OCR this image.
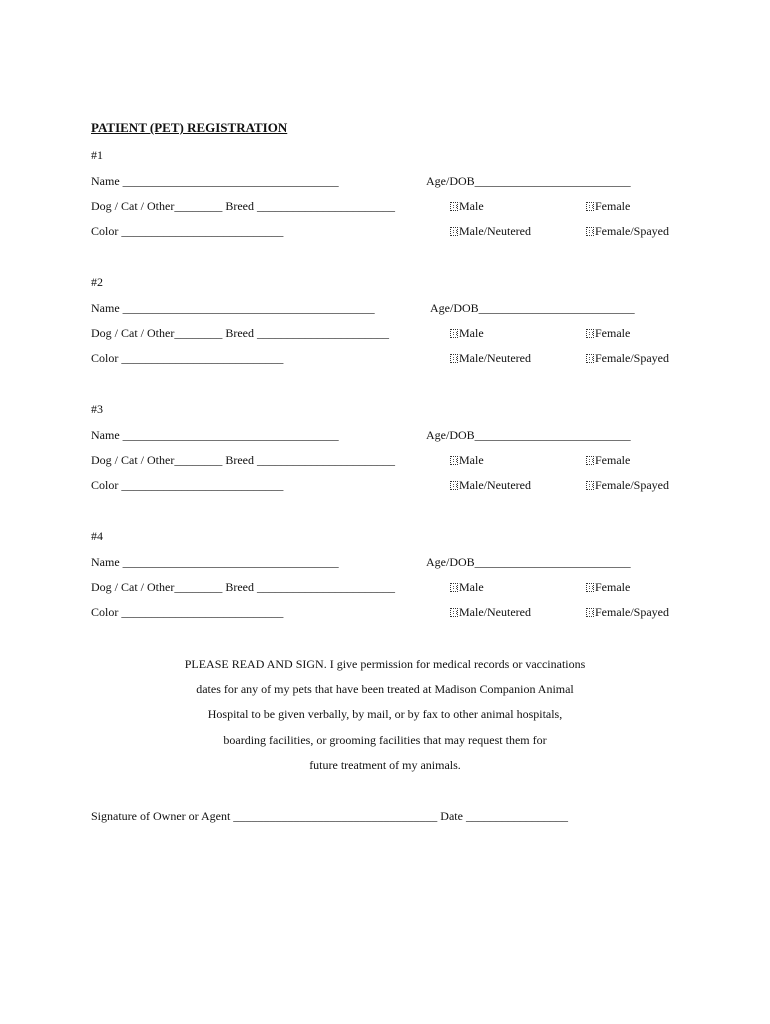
PATIENT (PET) REGISTRATION
#1
Name ____________________________________	Age/DOB__________________________
Dog / Cat / Other________ Breed _______________________	Male	Female
Color ___________________________	Male/Neutered	Female/Spayed
#2
Name __________________________________________	Age/DOB__________________________
Dog / Cat / Other________ Breed ______________________	Male	Female
Color ___________________________	Male/Neutered	Female/Spayed
#3
Name ____________________________________	Age/DOB__________________________
Dog / Cat / Other________ Breed _______________________	Male	Female
Color ___________________________	Male/Neutered	Female/Spayed
#4
Name ____________________________________	Age/DOB__________________________
Dog / Cat / Other________ Breed _______________________	Male	Female
Color ___________________________	Male/Neutered	Female/Spayed
PLEASE READ AND SIGN. I give permission for medical records or vaccinations
dates for any of my pets that have been treated at Madison Companion Animal
Hospital to be given verbally, by mail, or by fax to other animal hospitals,
boarding facilities, or grooming facilities that may request them for
future treatment of my animals.
Signature of Owner or Agent __________________________________ Date _________________
